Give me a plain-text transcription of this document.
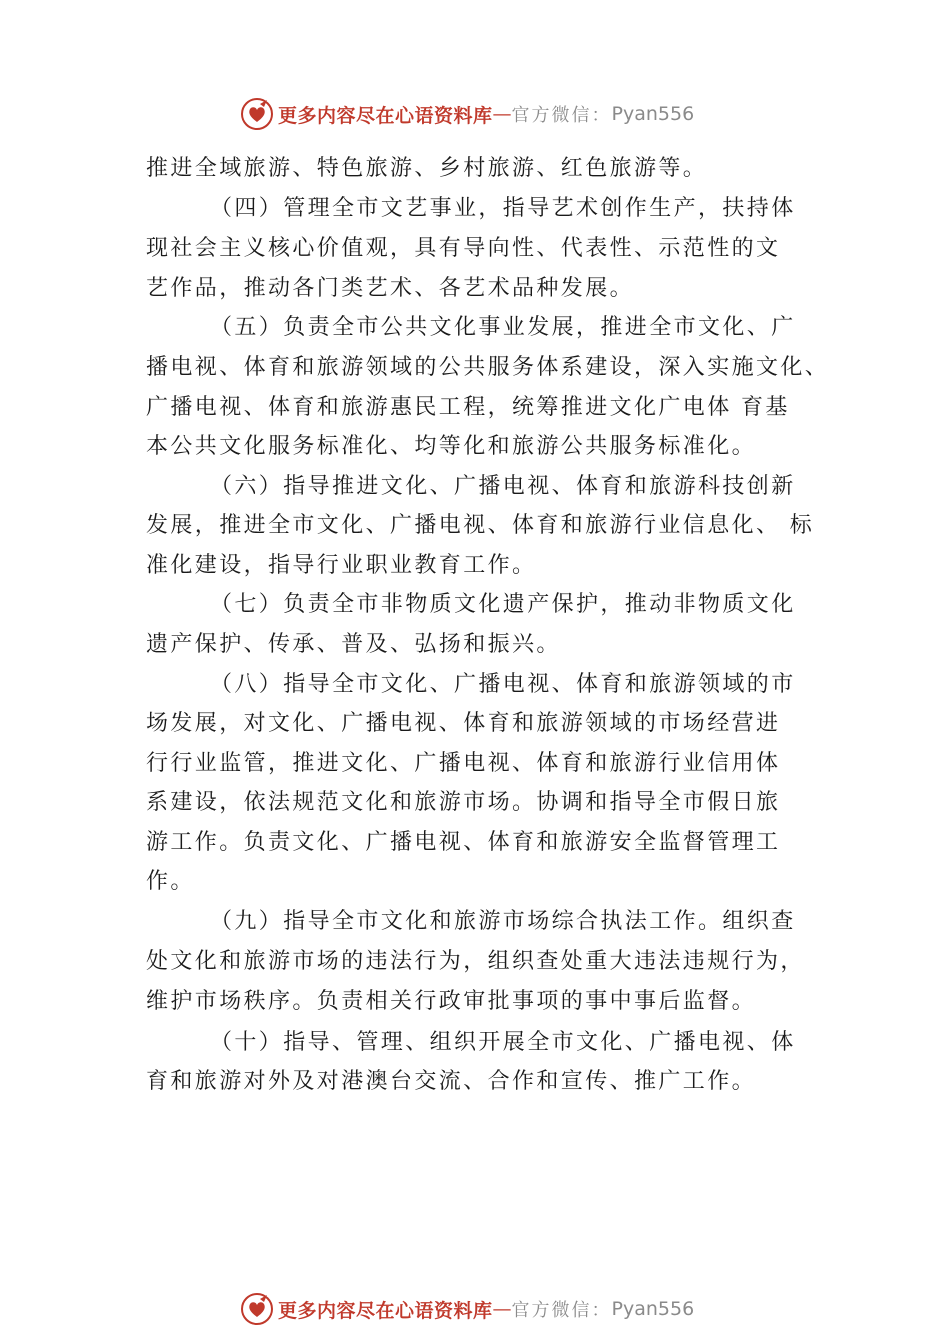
更多内容尽在心语资料库 — 官方微信： Pyan556
推进全域旅游、特色旅游、乡村旅游、红色旅游等。
（四）管理全市文艺事业，指导艺术创作生产，扶持体
现社会主义核心价值观，具有导向性、代表性、示范性的文
艺作品，推动各门类艺术、各艺术品种发展。
（五）负责全市公共文化事业发展，推进全市文化、广
播电视、体育和旅游领域的公共服务体系建设，深入实施文化、
广播电视、体育和旅游惠民工程，统筹推进文化广电体 育基
本公共文化服务标准化、均等化和旅游公共服务标准化。
（六）指导推进文化、广播电视、体育和旅游科技创新
发展，推进全市文化、广播电视、体育和旅游行业信息化、 标
准化建设，指导行业职业教育工作。
（七）负责全市非物质文化遗产保护，推动非物质文化
遗产保护、传承、普及、弘扬和振兴。
（八）指导全市文化、广播电视、体育和旅游领域的市
场发展，对文化、广播电视、体育和旅游领域的市场经营进
行行业监管，推进文化、广播电视、体育和旅游行业信用体
系建设，依法规范文化和旅游市场。协调和指导全市假日旅
游工作。负责文化、广播电视、体育和旅游安全监督管理工
作。
（九）指导全市文化和旅游市场综合执法工作。组织查
处文化和旅游市场的违法行为，组织查处重大违法违规行为，
维护市场秩序。负责相关行政审批事项的事中事后监督。
（十）指导、管理、组织开展全市文化、广播电视、体
育和旅游对外及对港澳台交流、合作和宣传、推广工作。
更多内容尽在心语资料库 — 官方微信： Pyan556
